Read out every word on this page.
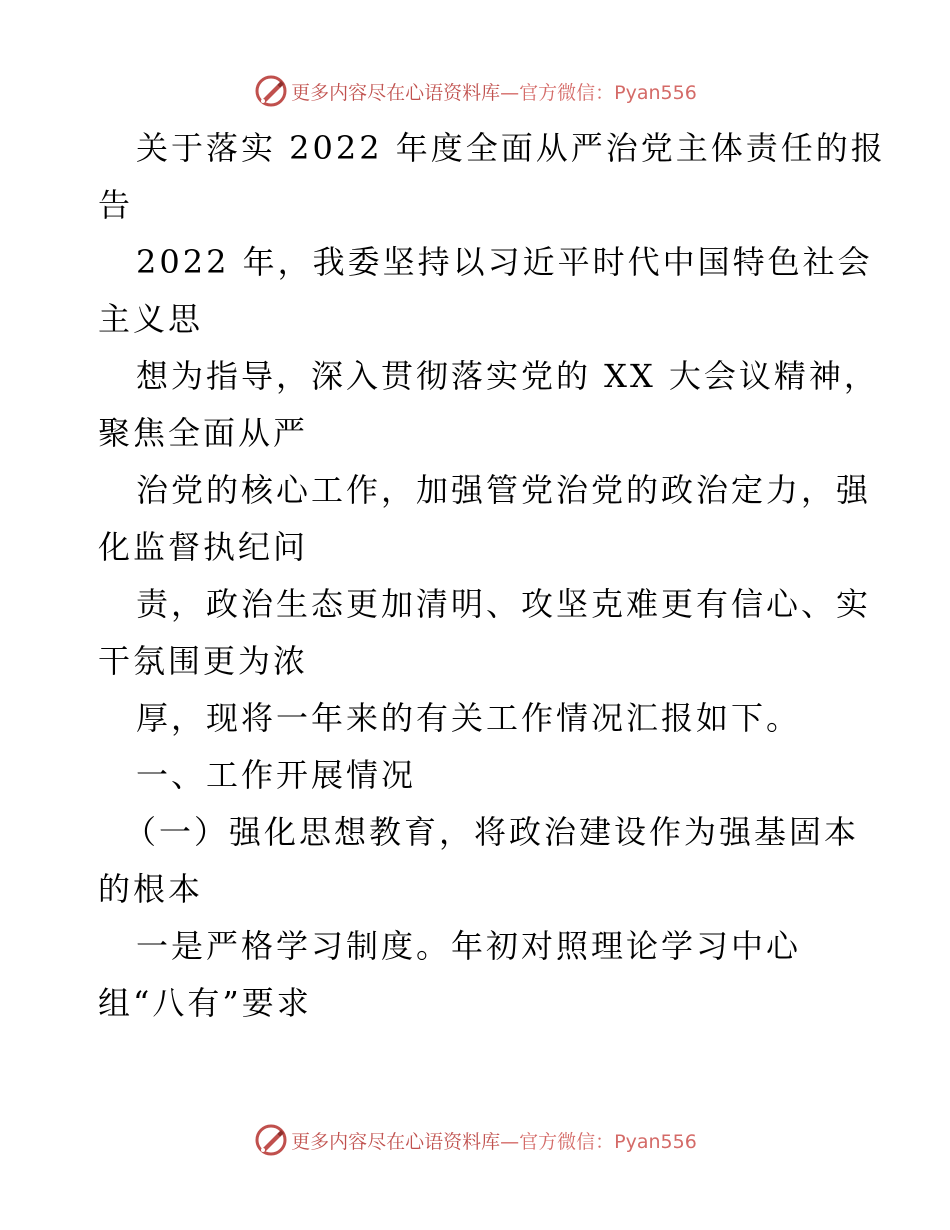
更多内容尽在心语资料库—官方微信：Pyan556
关于落实 2022 年度全面从严治党主体责任的报
告
2022 年，我委坚持以习近平时代中国特色社会
主义思
想为指导，深入贯彻落实党的 XX 大会议精神，
聚焦全面从严
治党的核心工作，加强管党治党的政治定力，强
化监督执纪问
责，政治生态更加清明、攻坚克难更有信心、实
干氛围更为浓
厚，现将一年来的有关工作情况汇报如下。
一、工作开展情况
（一）强化思想教育，将政治建设作为强基固本
的根本
一是严格学习制度。年初对照理论学习中心
组“八有”要求
更多内容尽在心语资料库—官方微信：Pyan556
